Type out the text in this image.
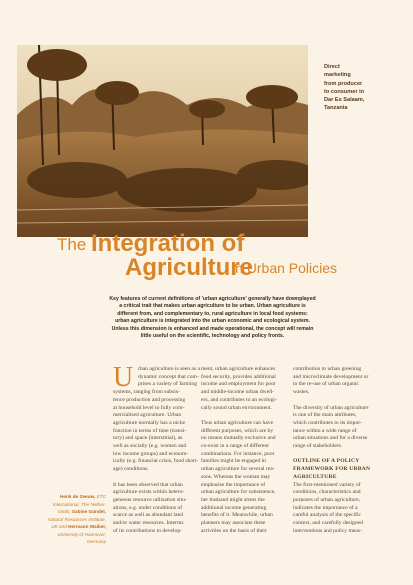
Direct
marketing
from producer
to consumer in
Dar Es Salaam,
Tanzania
The Integration of
Agriculture
in Urban Policies
Key features of current definitions of 'urban agriculture' generally have downplayed
a critical trait that makes urban agriculture to be urban. Urban agriculture is
different from, and complementary to, rural agriculture in local food systems:
urban agriculture is integrated into the urban economic and ecological system.
Unless this dimension is enhanced and made operational, the concept will remain
little useful on the scientific, technology and policy fronts.
U rban agriculture is seen as a
dynamic concept that com-
prises a variety of farming
systems, ranging from subsis-
tence production and processing
at household level to fully com-
mercialised agriculture. Urban
agriculture normally has a niche
function in terms of time (transi-
tory) and space (interstitial), as
well as socially (e.g. women and
low income groups) and econom-
ically (e.g. financial crisis, food short-
age) conditions.

It has been observed that urban
agriculture exists within hetero-
geneous resource utilisation situ-
ations, e.g. under conditions of
scarce as well as abundant land
and/or water resources. Interms
of its contributions to develop-
ment, urban agriculture enhances
food security, provides additional
income and employment for poor
and middle-income urban dwell-
ers, and contributes to an ecologi-
cally sound urban environment.

Thus urban agriculture can have
different purposes, which are by
no means mutually exclusive and
co-exist in a range of different
combinations. For instance, poor
families might be engaged in
urban agriculture for several rea-
sons. Whereas the woman may
emphasise the importance of
urban agriculture for subsistence,
her husband might stress the
additional income generating
benefits of it. Meanwhile, urban
planners may associate these
activities on the basis of their
contribution to urban greening
and microclimate development or
to the re-use of urban organic
wastes.

The diversity of urban agriculture
is one of the main attributes,
which contributes to its impor-
tance within a wide range of
urban situations and for a diverse
range of stakeholders.

OUTLINE OF A POLICY
FRAMEWORK FOR URBAN
AGRICULTURE
The first-mentioned variety of
conditions, characteristics and
purposes of urban agriculture,
indicates the importance of a
careful analysis of the specific
context, and carefully designed
interventions and policy meas-
Henk de Zeeuw, ETC
International, The Nether-
lands; Sabine Gündel,
Natural Resources Institute,
UK and Hermann Waibel,
University of Hannover,
Germany
